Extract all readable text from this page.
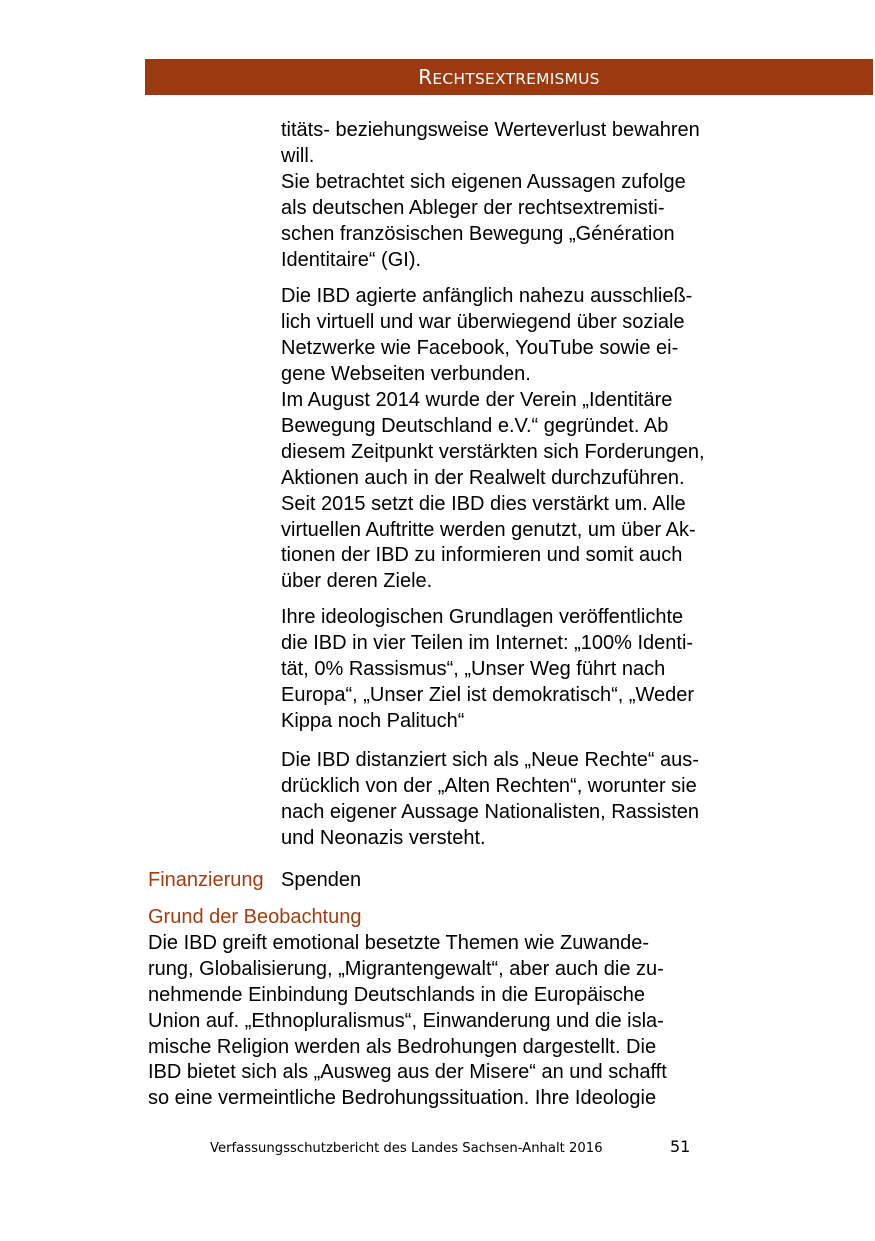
RECHTSEXTREMISMUS
titäts- beziehungsweise Werteverlust bewahren
will.
Sie betrachtet sich eigenen Aussagen zufolge
als deutschen Ableger der rechtsextremisti-
schen französischen Bewegung „Génération
Identitaire“ (GI).
Die IBD agierte anfänglich nahezu ausschließ-
lich virtuell und war überwiegend über soziale
Netzwerke wie Facebook, YouTube sowie ei-
gene Webseiten verbunden.
Im August 2014 wurde der Verein „Identitäre
Bewegung Deutschland e.V.“ gegründet. Ab
diesem Zeitpunkt verstärkten sich Forderungen,
Aktionen auch in der Realwelt durchzuführen.
Seit 2015 setzt die IBD dies verstärkt um. Alle
virtuellen Auftritte werden genutzt, um über Ak-
tionen der IBD zu informieren und somit auch
über deren Ziele.
Ihre ideologischen Grundlagen veröffentlichte
die IBD in vier Teilen im Internet: „100% Identi-
tät, 0% Rassismus“, „Unser Weg führt nach
Europa“, „Unser Ziel ist demokratisch“, „Weder
Kippa noch Palituch“
Die IBD distanziert sich als „Neue Rechte“ aus-
drücklich von der „Alten Rechten“, worunter sie
nach eigener Aussage Nationalisten, Rassisten
und Neonazis versteht.
Finanzierung Spenden
Grund der Beobachtung
Die IBD greift emotional besetzte Themen wie Zuwande-
rung, Globalisierung, „Migrantengewalt“, aber auch die zu-
nehmende Einbindung Deutschlands in die Europäische
Union auf. „Ethnopluralismus“, Einwanderung und die isla-
mische Religion werden als Bedrohungen dargestellt. Die
IBD bietet sich als „Ausweg aus der Misere“ an und schafft
so eine vermeintliche Bedrohungssituation. Ihre Ideologie
Verfassungsschutzbericht des Landes Sachsen-Anhalt 2016	51
